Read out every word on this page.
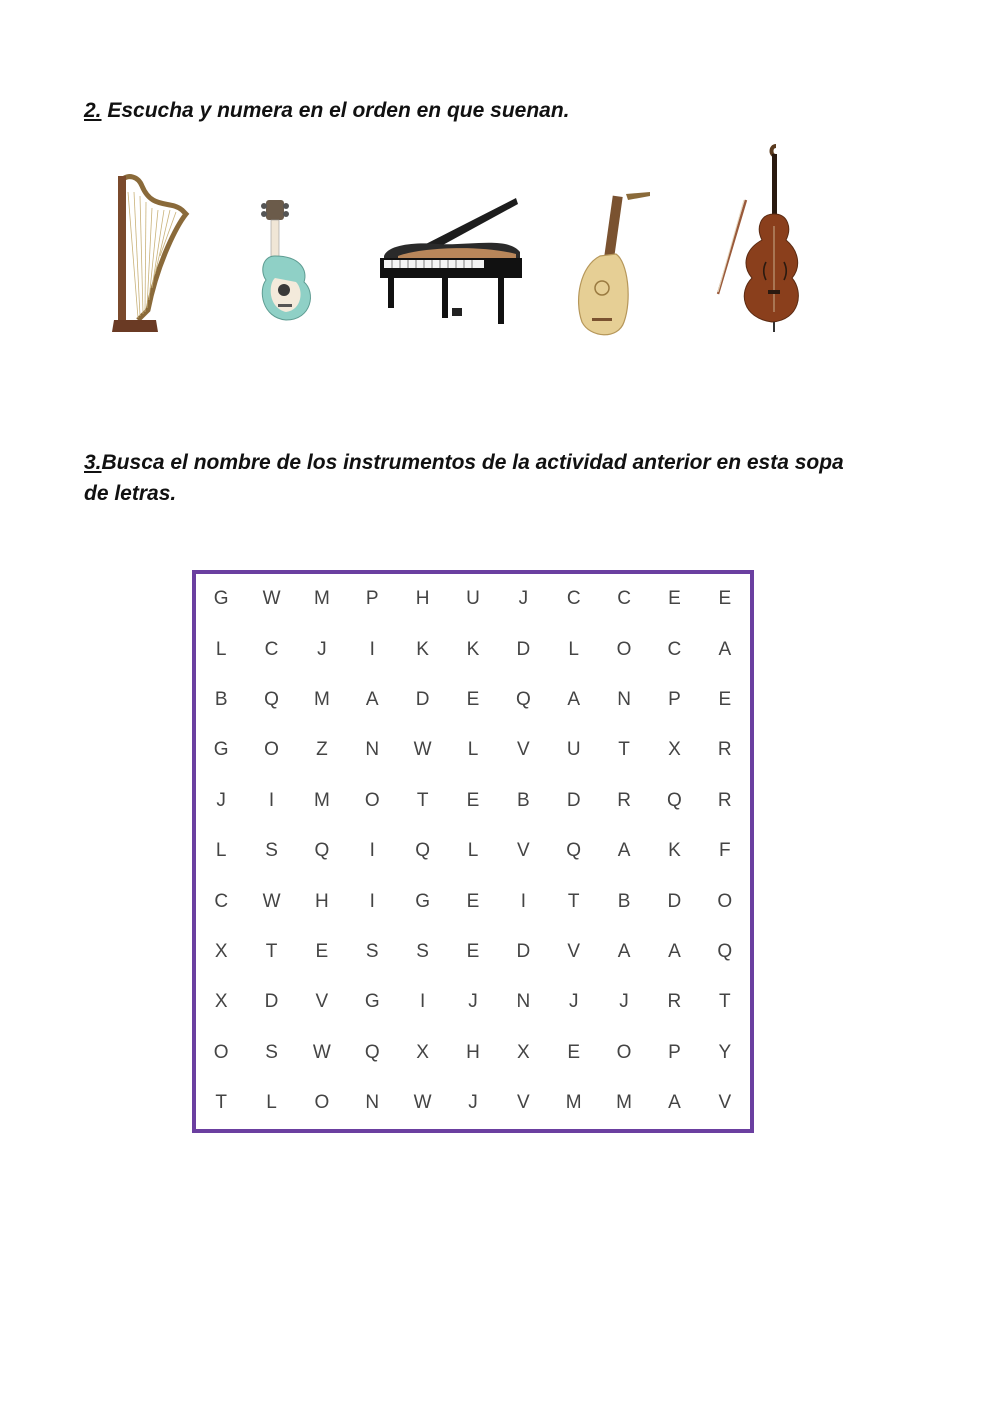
2. Escucha y numera en el orden en que suenan.

3.Busca el nombre de los instrumentos de la actividad anterior en esta sopa de letras.

G	W	M	P	H	U	J	C	C	E	E
L	C	J	I	K	K	D	L	O	C	A
B	Q	M	A	D	E	Q	A	N	P	E
G	O	Z	N	W	L	V	U	T	X	R
J	I	M	O	T	E	B	D	R	Q	R
L	S	Q	I	Q	L	V	Q	A	K	F
C	W	H	I	G	E	I	T	B	D	O
X	T	E	S	S	E	D	V	A	A	Q
X	D	V	G	I	J	N	J	J	R	T
O	S	W	Q	X	H	X	E	O	P	Y
T	L	O	N	W	J	V	M	M	A	V
